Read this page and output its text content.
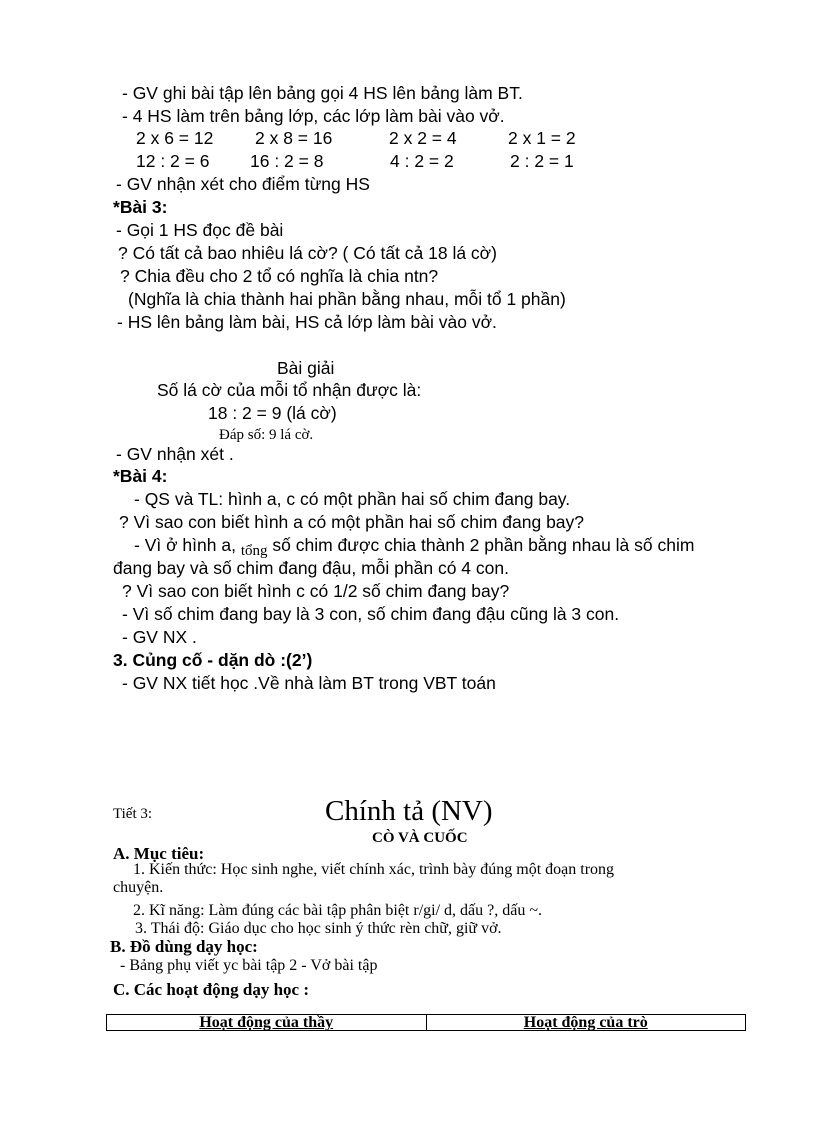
- GV ghi bài tập lên bảng gọi 4 HS lên bảng làm BT.
- 4 HS làm trên bảng lớp, các lớp làm bài vào vở.
2 x 6 = 12 2 x 8 = 16	2 x 2 = 4	2 x 1 = 2
12 : 2 = 6 16 : 2 = 8	4 : 2 = 2	2 : 2 = 1
- GV nhận xét cho điểm từng HS
*Bài 3:
- Gọi 1 HS đọc đề bài
? Có tất cả bao nhiêu lá cờ? ( Có tất cả 18 lá cờ)
? Chia đều cho 2 tổ có nghĩa là chia ntn?
(Nghĩa là chia thành hai phần bằng nhau, mỗi tổ 1 phần)
- HS lên bảng làm bài, HS cả lớp làm bài vào vở.
Bài giải
Số lá cờ của mỗi tổ nhận được là:
18 : 2 = 9 (lá cờ)
Đáp số: 9 lá cờ.
- GV nhận xét .
*Bài 4:
- QS và TL: hình a, c có một phần hai số chim đang bay.
? Vì sao con biết hình a có một phần hai số chim đang bay?
- Vì ở hình a, tổng số chim được chia thành 2 phần bằng nhau là số chim
đang bay và số chim đang đậu, mỗi phần có 4 con.
? Vì sao con biết hình c có 1/2 số chim đang bay?
- Vì số chim đang bay là 3 con, số chim đang đậu cũng là 3 con.
- GV NX .
3. Củng cố - dặn dò :(2’)
- GV NX tiết học .Về nhà làm BT trong VBT toán
Tiết 3:	Chính tả (NV)
CÒ VÀ CUỐC
A. Mục tiêu:
1. Kiến thức: Học sinh nghe, viết chính xác, trình bày đúng một đoạn trong
chuyện.
2. Kĩ năng: Làm đúng các bài tập phân biệt r/gi/ d, dấu ?, dấu ~.
3. Thái độ: Giáo dục cho học sinh ý thức rèn chữ, giữ vở.
B. Đồ dùng dạy học:
- Bảng phụ viết yc bài tập 2 - Vở bài tập
C. Các hoạt động dạy học :
Hoạt động của thầy	Hoạt động của trò
